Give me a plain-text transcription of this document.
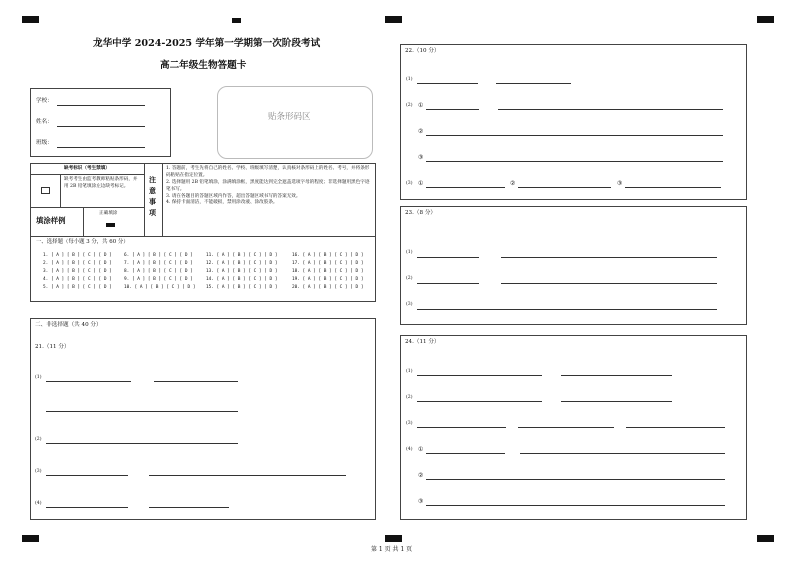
龙华中学 2024-2025 学年第一学期第一次阶段考试
高二年级生物答题卡
学校：
姓名：
班级：
贴条形码区
缺考标识（考生禁填）
缺考考生由监考教师粘贴条形码，并用 2B 铅笔填涂左边缺考标记。
填涂样例
正确填涂
注
意
事
项
1. 答题前，考生先将自己的姓名、学校、班级填写清楚，认真核对条形码上的姓名、考号，并将条形码粘贴在指定位置。
2. 选择题用 2B 铅笔填涂，涂满填涂框，黑度能达到完全遮盖选项字母的程度；非选择题用黑色字迹笔书写。
3. 请在各题目的答题区域内作答，超出答题区域书写的答案无效。
4. 保持卡面清洁，不能破损，禁用涂改液、涂改胶条。
一、选择题（每小题 3 分，共 60 分）
1. [ A ] [ B ] [ C ] [ D ]
2. [ A ] [ B ] [ C ] [ D ]
3. [ A ] [ B ] [ C ] [ D ]
4. [ A ] [ B ] [ C ] [ D ]
5. [ A ] [ B ] [ C ] [ D ]
6. [ A ] [ B ] [ C ] [ D ]
7. [ A ] [ B ] [ C ] [ D ]
8. [ A ] [ B ] [ C ] [ D ]
9. [ A ] [ B ] [ C ] [ D ]
10. [ A ] [ B ] [ C ] [ D ]
11. [ A ] [ B ] [ C ] [ D ]
12. [ A ] [ B ] [ C ] [ D ]
13. [ A ] [ B ] [ C ] [ D ]
14. [ A ] [ B ] [ C ] [ D ]
15. [ A ] [ B ] [ C ] [ D ]
16. [ A ] [ B ] [ C ] [ D ]
17. [ A ] [ B ] [ C ] [ D ]
18. [ A ] [ B ] [ C ] [ D ]
19. [ A ] [ B ] [ C ] [ D ]
20. [ A ] [ B ] [ C ] [ D ]
二、非选择题（共 40 分）
21.（11 分）
(1)
(2)
(3)
(4)
22.（10 分）
(1)
(2) ①
②
③
(3) ①	②	③
23.（8 分）
(1)
(2)
(3)
24.（11 分）
(1)
(2)
(3)
(4) ①
②
③
第 1 页 共 1 页
